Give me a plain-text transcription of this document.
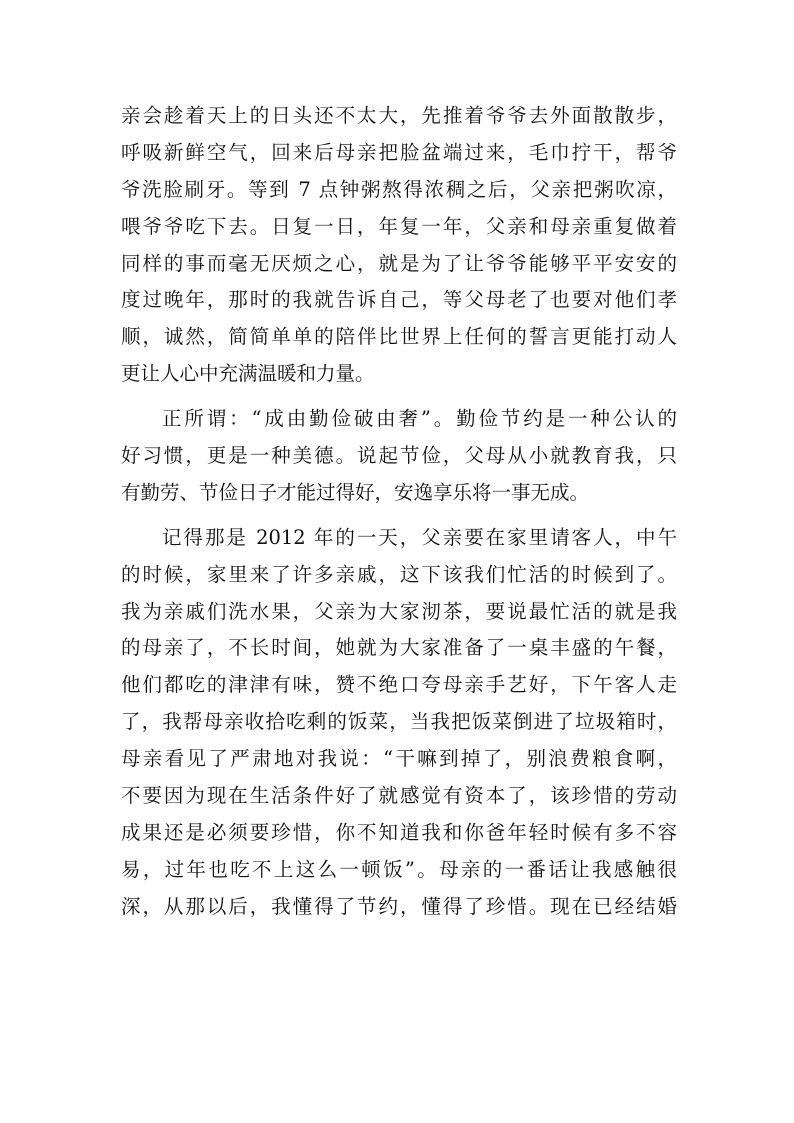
亲会趁着天上的日头还不太大，先推着爷爷去外面散散步，
呼吸新鲜空气，回来后母亲把脸盆端过来，毛巾拧干，帮爷
爷洗脸刷牙。等到 7 点钟粥熬得浓稠之后，父亲把粥吹凉，
喂爷爷吃下去。日复一日，年复一年，父亲和母亲重复做着
同样的事而毫无厌烦之心，就是为了让爷爷能够平平安安的
度过晚年，那时的我就告诉自己，等父母老了也要对他们孝
顺，诚然，简简单单的陪伴比世界上任何的誓言更能打动人
更让人心中充满温暖和力量。
正所谓：“成由勤俭破由奢”。勤俭节约是一种公认的
好习惯，更是一种美德。说起节俭，父母从小就教育我，只
有勤劳、节俭日子才能过得好，安逸享乐将一事无成。
记得那是 2012 年的一天，父亲要在家里请客人，中午
的时候，家里来了许多亲戚，这下该我们忙活的时候到了。
我为亲戚们洗水果，父亲为大家沏茶，要说最忙活的就是我
的母亲了，不长时间，她就为大家准备了一桌丰盛的午餐，
他们都吃的津津有味，赞不绝口夸母亲手艺好，下午客人走
了，我帮母亲收拾吃剩的饭菜，当我把饭菜倒进了垃圾箱时，
母亲看见了严肃地对我说：“干嘛到掉了，别浪费粮食啊，
不要因为现在生活条件好了就感觉有资本了，该珍惜的劳动
成果还是必须要珍惜，你不知道我和你爸年轻时候有多不容
易，过年也吃不上这么一顿饭”。母亲的一番话让我感触很
深，从那以后，我懂得了节约，懂得了珍惜。现在已经结婚
